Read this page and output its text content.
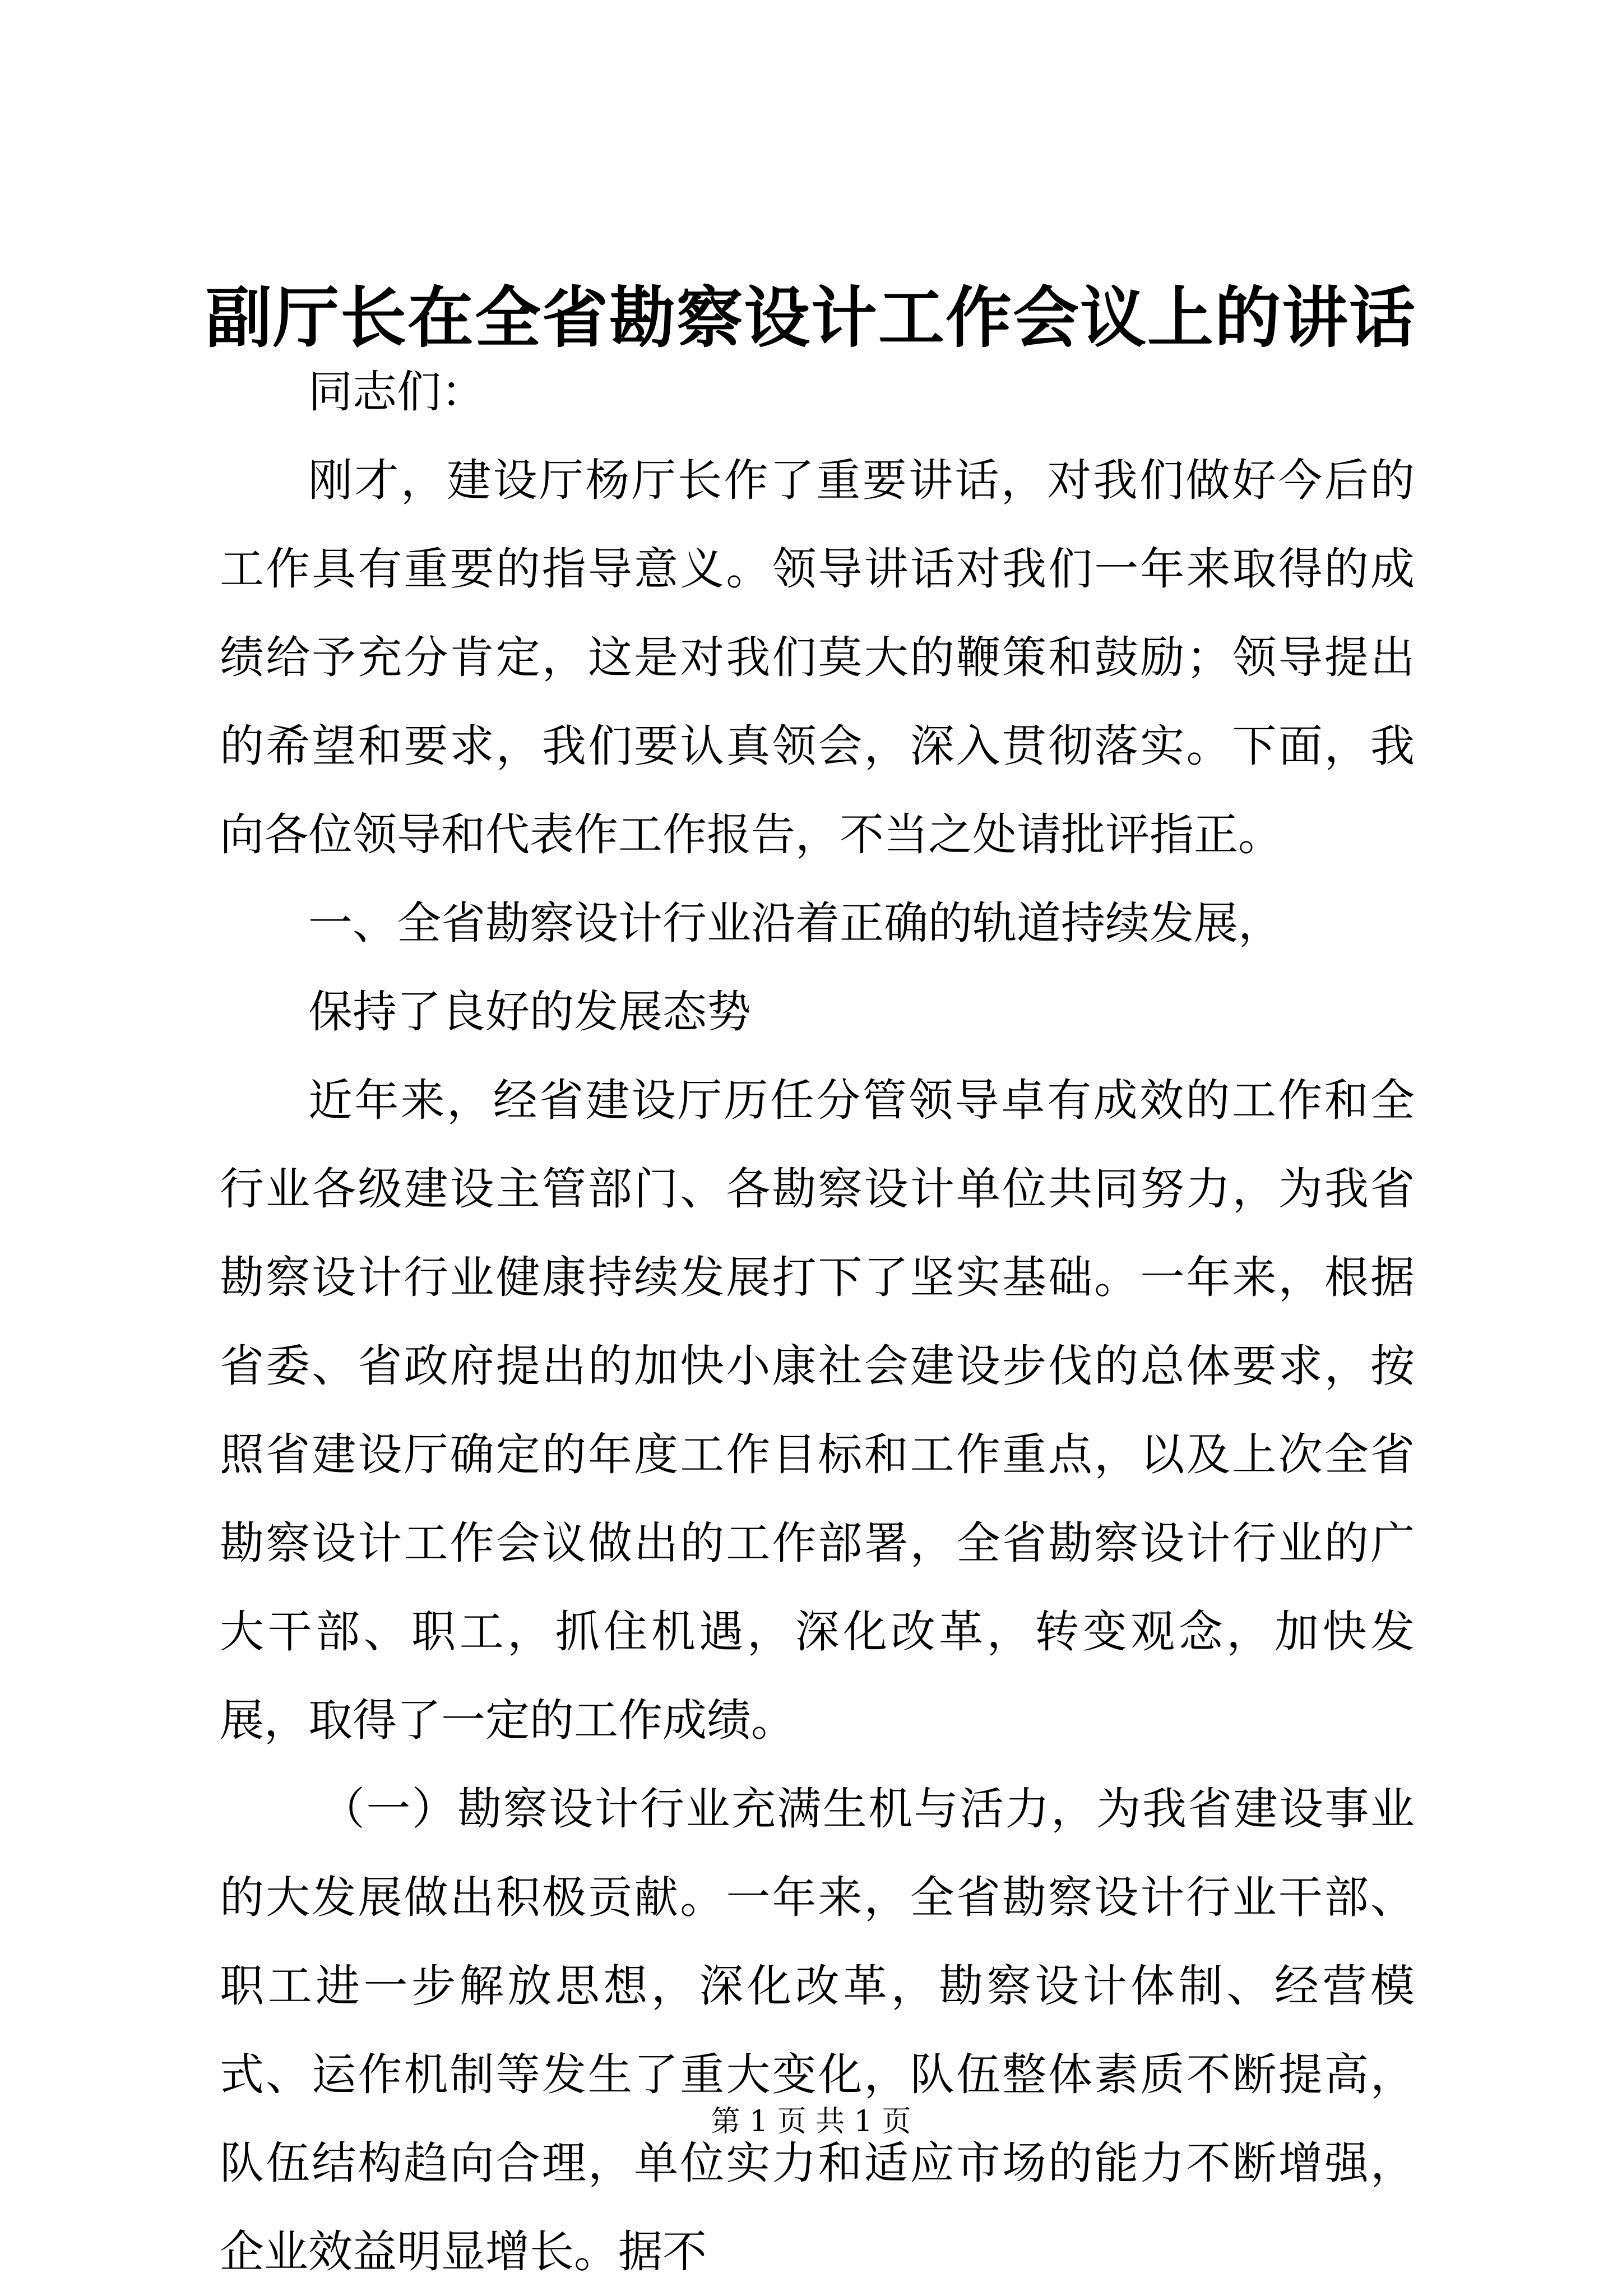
副厅长在全省勘察设计工作会议上的讲话

同志们：

刚才，建设厅杨厅长作了重要讲话，对我们做好今后的工作具有重要的指导意义。领导讲话对我们一年来取得的成绩给予充分肯定，这是对我们莫大的鞭策和鼓励；领导提出的希望和要求，我们要认真领会，深入贯彻落实。下面，我向各位领导和代表作工作报告，不当之处请批评指正。

一、全省勘察设计行业沿着正确的轨道持续发展，

保持了良好的发展态势

近年来，经省建设厅历任分管领导卓有成效的工作和全行业各级建设主管部门、各勘察设计单位共同努力，为我省勘察设计行业健康持续发展打下了坚实基础。一年来，根据省委、省政府提出的加快小康社会建设步伐的总体要求，按照省建设厅确定的年度工作目标和工作重点，以及上次全省勘察设计工作会议做出的工作部署，全省勘察设计行业的广大干部、职工，抓住机遇，深化改革，转变观念，加快发展，取得了一定的工作成绩。

（一）勘察设计行业充满生机与活力，为我省建设事业的大发展做出积极贡献。一年来，全省勘察设计行业干部、职工进一步解放思想，深化改革，勘察设计体制、经营模式、运作机制等发生了重大变化，队伍整体素质不断提高，队伍结构趋向合理，单位实力和适应市场的能力不断增强，企业效益明显增长。据不

第 1 页 共 1 页
